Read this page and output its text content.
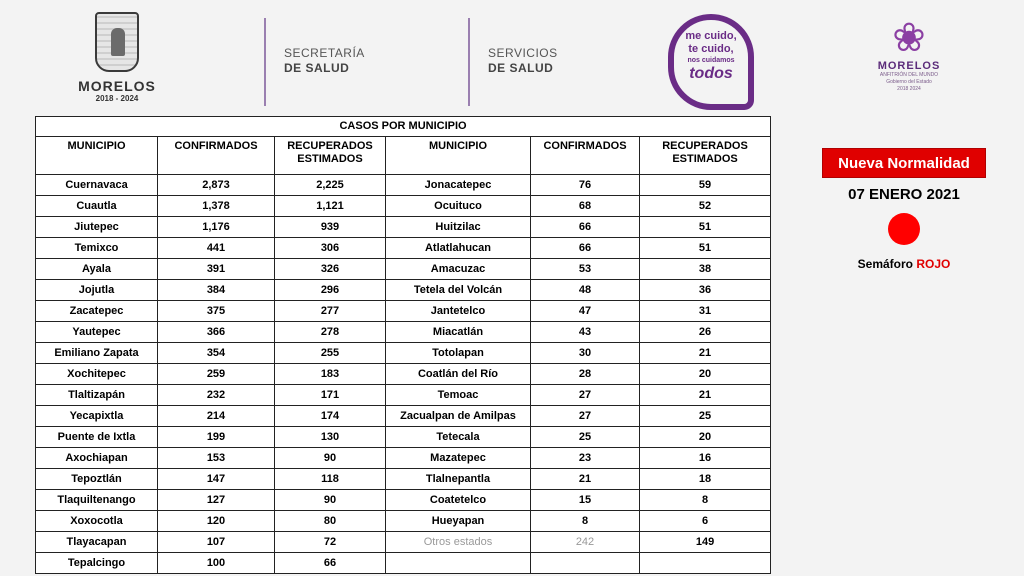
MORELOS
2018 - 2024
SECRETARÍA
DE SALUD
SERVICIOS
DE SALUD
me cuido,
te cuido,
nos cuidamos
todos
❀
MORELOS
ANFITRIÓN DEL MUNDO
Gobierno del Estado
2018 2024
CASOS POR MUNICIPIO					
MUNICIPIO	CONFIRMADOS	RECUPERADOS ESTIMADOS	MUNICIPIO	CONFIRMADOS	RECUPERADOS ESTIMADOS
Cuernavaca	2,873	2,225	Jonacatepec	76	59
Cuautla	1,378	1,121	Ocuituco	68	52
Jiutepec	1,176	939	Huitzilac	66	51
Temixco	441	306	Atlatlahucan	66	51
Ayala	391	326	Amacuzac	53	38
Jojutla	384	296	Tetela del Volcán	48	36
Zacatepec	375	277	Jantetelco	47	31
Yautepec	366	278	Miacatlán	43	26
Emiliano Zapata	354	255	Totolapan	30	21
Xochitepec	259	183	Coatlán del Río	28	20
Tlaltizapán	232	171	Temoac	27	21
Yecapixtla	214	174	Zacualpan de Amilpas	27	25
Puente de Ixtla	199	130	Tetecala	25	20
Axochiapan	153	90	Mazatepec	23	16
Tepoztlán	147	118	Tlalnepantla	21	18
Tlaquiltenango	127	90	Coatetelco	15	8
Xoxocotla	120	80	Hueyapan	8	6
Tlayacapan	107	72	Otros estados	242	149
Tepalcingo	100	66			
Nueva Normalidad
07 ENERO 2021
Semáforo ROJO
